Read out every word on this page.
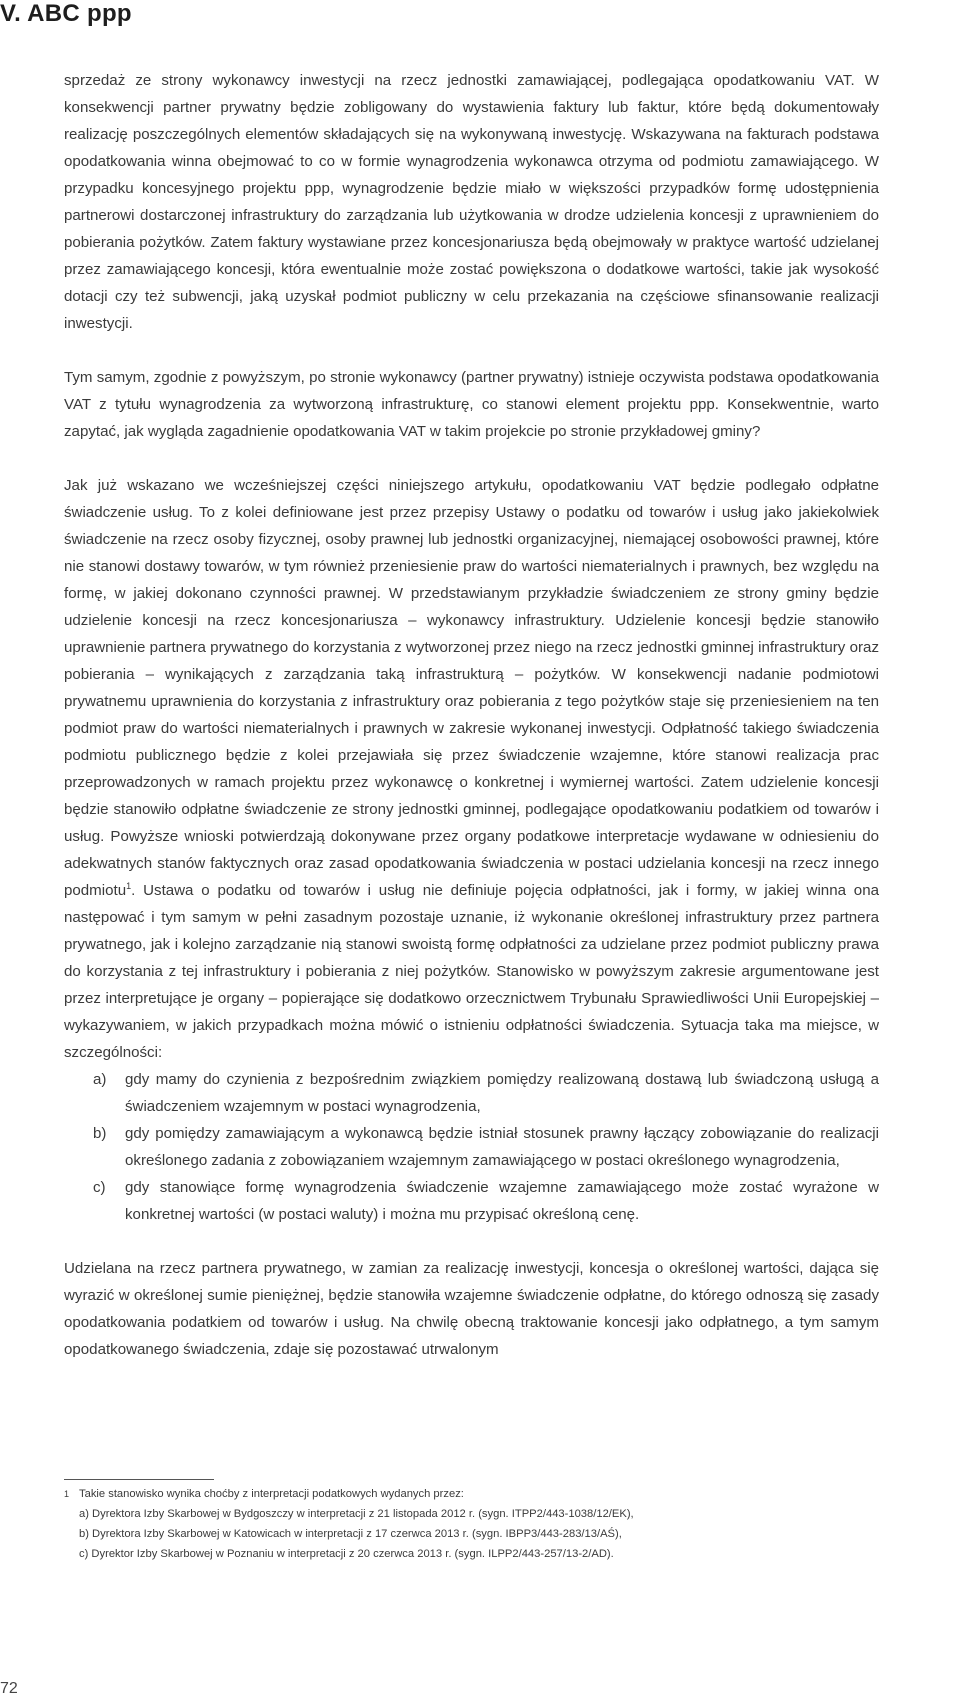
V. ABC ppp

sprzedaż ze strony wykonawcy inwestycji na rzecz jednostki zamawiającej, podlegająca opodatkowaniu VAT. W konsekwencji partner prywatny będzie zobligowany do wystawienia faktury lub faktur, które będą dokumentowały realizację poszczególnych elementów składających się na wykonywaną inwestycję. Wskazywana na fakturach podstawa opodatkowania winna obejmować to co w formie wynagrodzenia wykonawca otrzyma od podmiotu zamawiającego. W przypadku koncesyjnego projektu ppp, wynagrodzenie będzie miało w większości przypadków formę udostępnienia partnerowi dostarczonej infrastruktury do zarządzania lub użytkowania w drodze udzielenia koncesji z uprawnieniem do pobierania pożytków. Zatem faktury wystawiane przez koncesjonariusza będą obejmowały w praktyce wartość udzielanej przez zamawiającego koncesji, która ewentualnie może zostać powiększona o dodatkowe wartości, takie jak wysokość dotacji czy też subwencji, jaką uzyskał podmiot publiczny w celu przekazania na częściowe sfinansowanie realizacji inwestycji.

Tym samym, zgodnie z powyższym, po stronie wykonawcy (partner prywatny) istnieje oczywista podstawa opodatkowania VAT z tytułu wynagrodzenia za wytworzoną infrastrukturę, co stanowi element projektu ppp. Konsekwentnie, warto zapytać, jak wygląda zagadnienie opodatkowania VAT w takim projekcie po stronie przykładowej gminy?

Jak już wskazano we wcześniejszej części niniejszego artykułu, opodatkowaniu VAT będzie podlegało odpłatne świadczenie usług. To z kolei definiowane jest przez przepisy Ustawy o podatku od towarów i usług jako jakiekolwiek świadczenie na rzecz osoby fizycznej, osoby prawnej lub jednostki organizacyjnej, niemającej osobowości prawnej, które nie stanowi dostawy towarów, w tym również przeniesienie praw do wartości niematerialnych i prawnych, bez względu na formę, w jakiej dokonano czynności prawnej. W przedstawianym przykładzie świadczeniem ze strony gminy będzie udzielenie koncesji na rzecz koncesjonariusza – wykonawcy infrastruktury. Udzielenie koncesji będzie stanowiło uprawnienie partnera prywatnego do korzystania z wytworzonej przez niego na rzecz jednostki gminnej infrastruktury oraz pobierania – wynikających z zarządzania taką infrastrukturą – pożytków. W konsekwencji nadanie podmiotowi prywatnemu uprawnienia do korzystania z infrastruktury oraz pobierania z tego pożytków staje się przeniesieniem na ten podmiot praw do wartości niematerialnych i prawnych w zakresie wykonanej inwestycji. Odpłatność takiego świadczenia podmiotu publicznego będzie z kolei przejawiała się przez świadczenie wzajemne, które stanowi realizacja prac przeprowadzonych w ramach projektu przez wykonawcę o konkretnej i wymiernej wartości. Zatem udzielenie koncesji będzie stanowiło odpłatne świadczenie ze strony jednostki gminnej, podlegające opodatkowaniu podatkiem od towarów i usług. Powyższe wnioski potwierdzają dokonywane przez organy podatkowe interpretacje wydawane w odniesieniu do adekwatnych stanów faktycznych oraz zasad opodatkowania świadczenia w postaci udzielania koncesji na rzecz innego podmiotu$^1$. Ustawa o podatku od towarów i usług nie definiuje pojęcia odpłatności, jak i formy, w jakiej winna ona następować i tym samym w pełni zasadnym pozostaje uznanie, iż wykonanie określonej infrastruktury przez partnera prywatnego, jak i kolejno zarządzanie nią stanowi swoistą formę odpłatności za udzielane przez podmiot publiczny prawa do korzystania z tej infrastruktury i pobierania z niej pożytków. Stanowisko w powyższym zakresie argumentowane jest przez interpretujące je organy – popierające się dodatkowo orzecznictwem Trybunału Sprawiedliwości Unii Europejskiej – wykazywaniem, w jakich przypadkach można mówić o istnieniu odpłatności świadczenia. Sytuacja taka ma miejsce, w szczególności:

a) gdy mamy do czynienia z bezpośrednim związkiem pomiędzy realizowaną dostawą lub świadczoną usługą a świadczeniem wzajemnym w postaci wynagrodzenia,
b) gdy pomiędzy zamawiającym a wykonawcą będzie istniał stosunek prawny łączący zobowiązanie do realizacji określonego zadania z zobowiązaniem wzajemnym zamawiającego w postaci określonego wynagrodzenia,
c) gdy stanowiące formę wynagrodzenia świadczenie wzajemne zamawiającego może zostać wyrażone w konkretnej wartości (w postaci waluty) i można mu przypisać określoną cenę.

Udzielana na rzecz partnera prywatnego, w zamian za realizację inwestycji, koncesja o określonej wartości, dająca się wyrazić w określonej sumie pieniężnej, będzie stanowiła wzajemne świadczenie odpłatne, do którego odnoszą się zasady opodatkowania podatkiem od towarów i usług. Na chwilę obecną traktowanie koncesji jako odpłatnego, a tym samym opodatkowanego świadczenia, zdaje się pozostawać utrwalonym

1 Takie stanowisko wynika choćby z interpretacji podatkowych wydanych przez:
a) Dyrektora Izby Skarbowej w Bydgoszczy w interpretacji z 21 listopada 2012 r. (sygn. ITPP2/443-1038/12/EK),
b) Dyrektora Izby Skarbowej w Katowicach w interpretacji z 17 czerwca 2013 r. (sygn. IBPP3/443-283/13/AŚ),
c) Dyrektor Izby Skarbowej w Poznaniu w interpretacji z 20 czerwca 2013 r. (sygn. ILPP2/443-257/13-2/AD).
72
